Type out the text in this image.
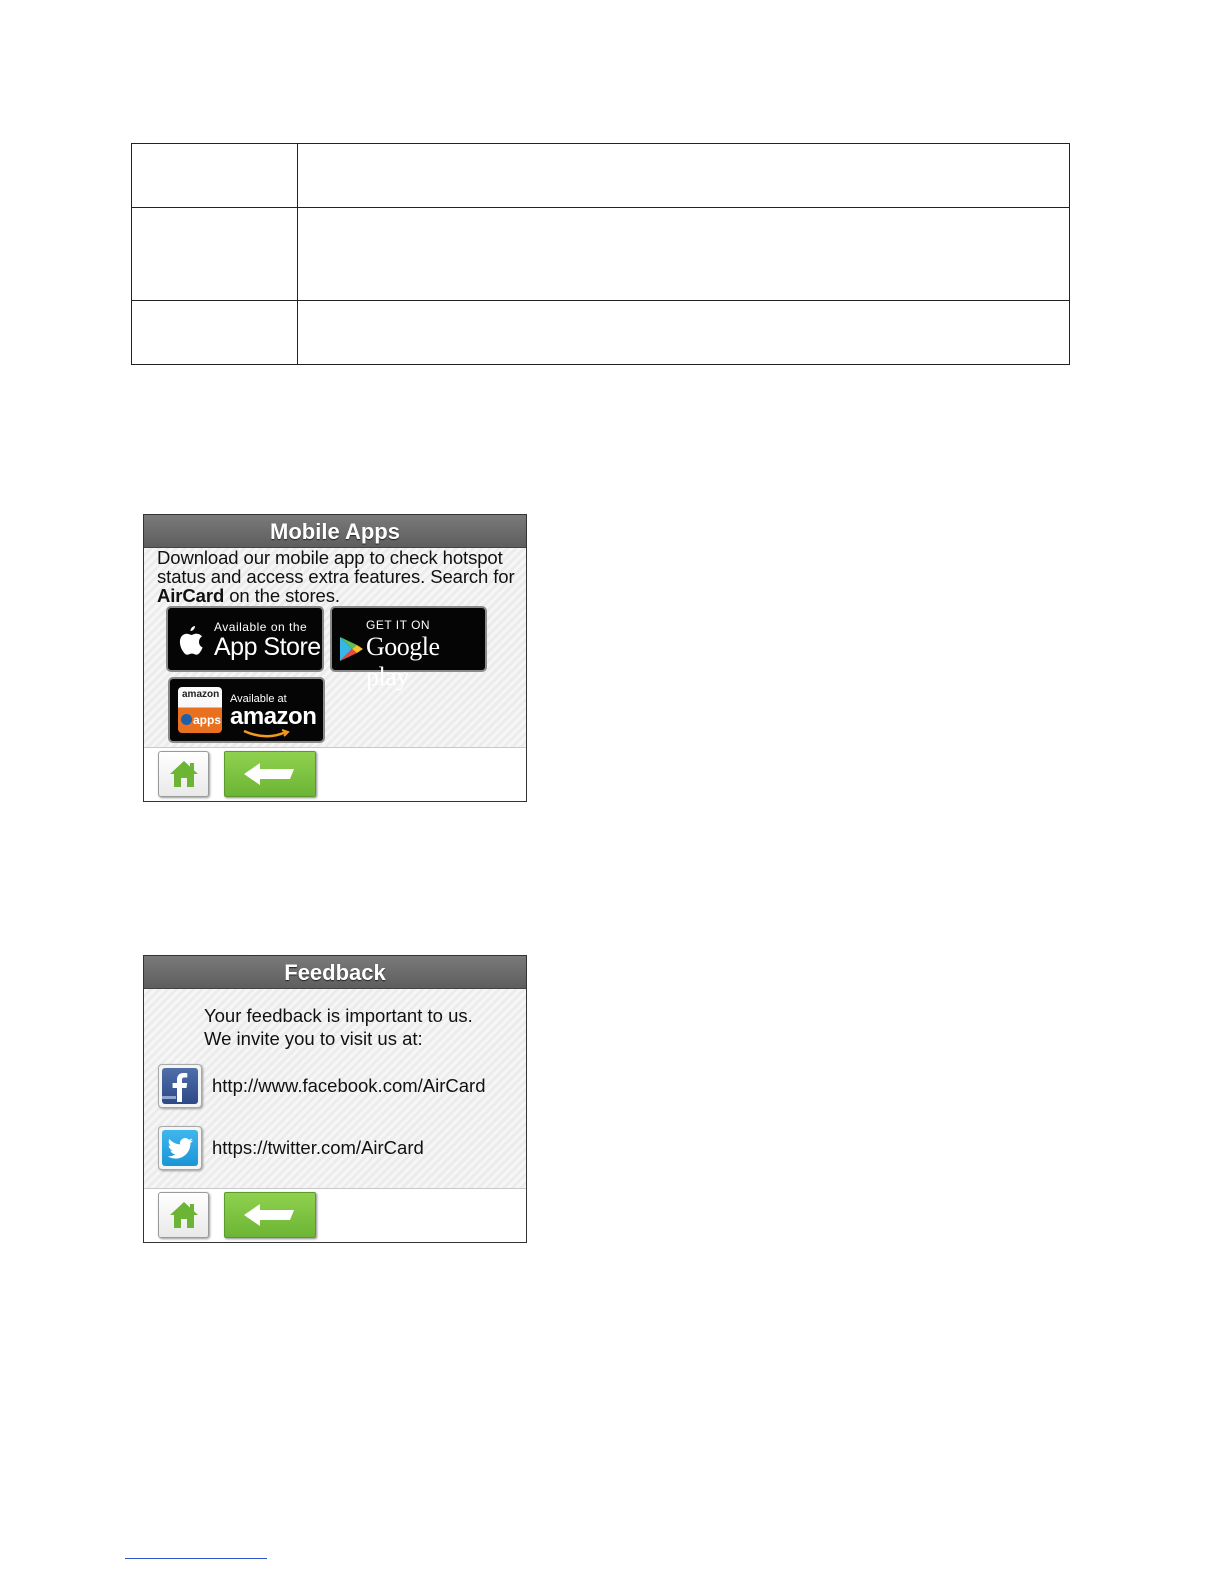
Mobile Apps
Download our mobile app to check hotspot status and access extra features. Search for AirCard on the stores.
Available on the
App Store
GET IT ON
Google play
amazon
apps
Available at
amazon
Feedback
Your feedback is important to us.
We invite you to visit us at:
http://www.facebook.com/AirCard
https://twitter.com/AirCard
